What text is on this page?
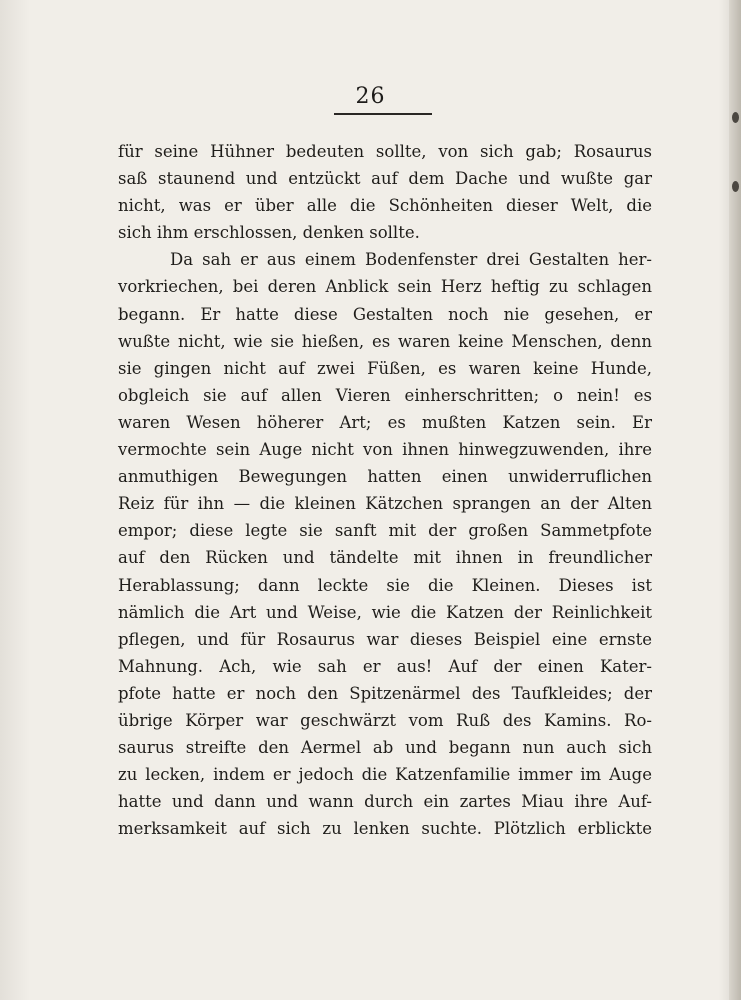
26
für seine Hühner bedeuten sollte, von sich gab; Rosaurus
saß staunend und entzückt auf dem Dache und wußte gar
nicht, was er über alle die Schönheiten dieser Welt, die
sich ihm erschlossen, denken sollte.
Da sah er aus einem Bodenfenster drei Gestalten her-
vorkriechen, bei deren Anblick sein Herz heftig zu schlagen
begann. Er hatte diese Gestalten noch nie gesehen, er
wußte nicht, wie sie hießen, es waren keine Menschen, denn
sie gingen nicht auf zwei Füßen, es waren keine Hunde,
obgleich sie auf allen Vieren einherschritten; o nein! es
waren Wesen höherer Art; es mußten Katzen sein. Er
vermochte sein Auge nicht von ihnen hinwegzuwenden, ihre
anmuthigen Bewegungen hatten einen unwiderruflichen
Reiz für ihn — die kleinen Kätzchen sprangen an der Alten
empor; diese legte sie sanft mit der großen Sammetpfote
auf den Rücken und tändelte mit ihnen in freundlicher
Herablassung; dann leckte sie die Kleinen. Dieses ist
nämlich die Art und Weise, wie die Katzen der Reinlichkeit
pflegen, und für Rosaurus war dieses Beispiel eine ernste
Mahnung. Ach, wie sah er aus! Auf der einen Kater-
pfote hatte er noch den Spitzenärmel des Taufkleides; der
übrige Körper war geschwärzt vom Ruß des Kamins. Ro-
saurus streifte den Aermel ab und begann nun auch sich
zu lecken, indem er jedoch die Katzenfamilie immer im Auge
hatte und dann und wann durch ein zartes Miau ihre Auf-
merksamkeit auf sich zu lenken suchte. Plötzlich erblickte
